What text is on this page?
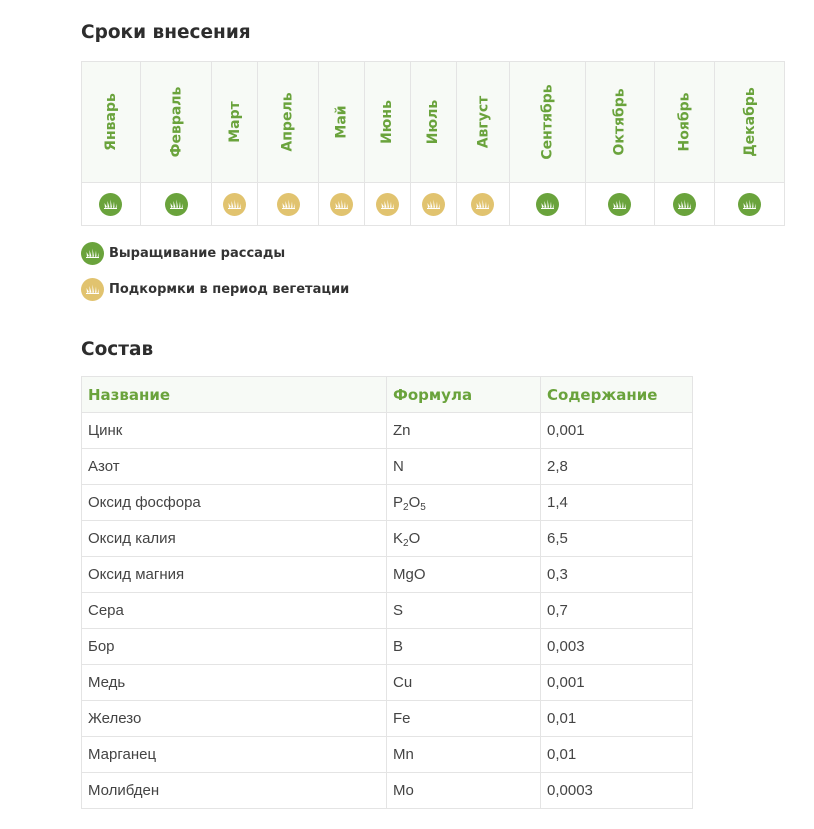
Сроки внесения
Январь	Февраль	Март	Апрель	Май	Июнь	Июль	Август	Сентябрь	Октябрь	Ноябрь	Декабрь

Выращивание рассады
Подкормки в период вегетации
Состав
Название	Формула	Содержание
Цинк	Zn	0,001
Азот	N	2,8
Оксид фосфора	$P_2O_5$	1,4
Оксид калия	$K_2O$	6,5
Оксид магния	MgO	0,3
Сера	S	0,7
Бор	B	0,003
Медь	Cu	0,001
Железо	Fe	0,01
Марганец	Mn	0,01
Молибден	Mo	0,0003
